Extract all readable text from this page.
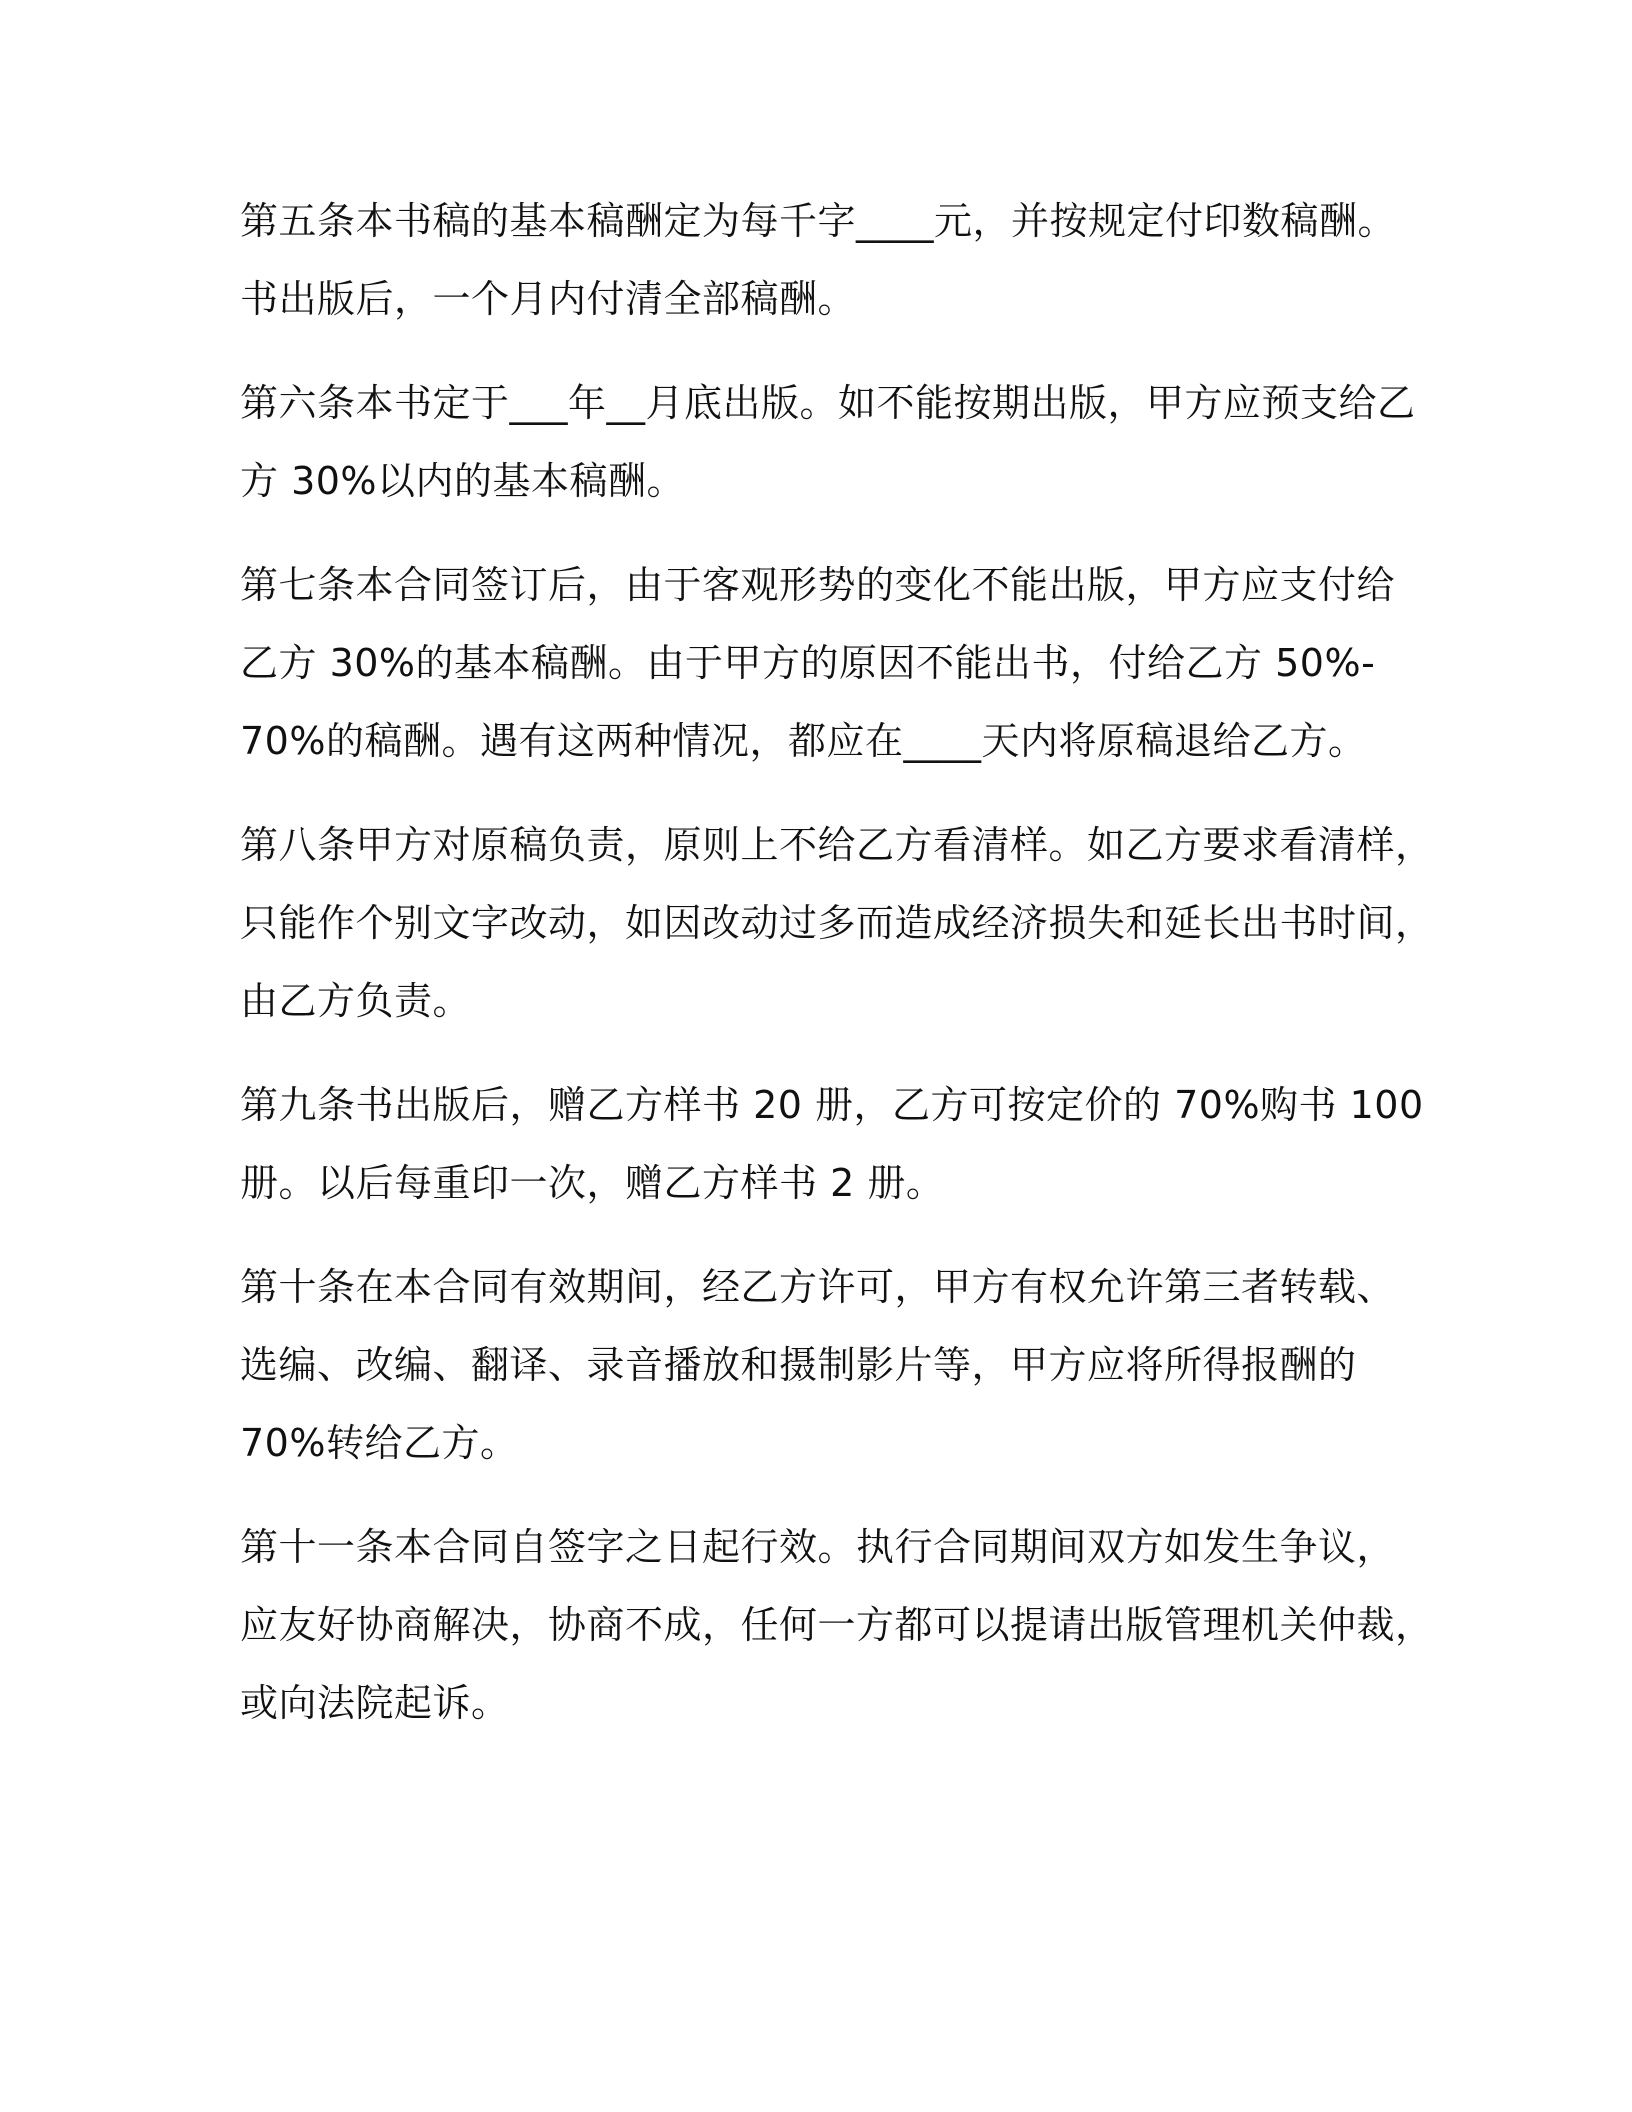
第五条本书稿的基本稿酬定为每千字____元，并按规定付印数稿酬。
书出版后，一个月内付清全部稿酬。
第六条本书定于___年__月底出版。如不能按期出版，甲方应预支给乙
方 30%以内的基本稿酬。
第七条本合同签订后，由于客观形势的变化不能出版，甲方应支付给
乙方 30%的基本稿酬。由于甲方的原因不能出书，付给乙方 50%-
70%的稿酬。遇有这两种情况，都应在____天内将原稿退给乙方。
第八条甲方对原稿负责，原则上不给乙方看清样。如乙方要求看清样，
只能作个别文字改动，如因改动过多而造成经济损失和延长出书时间，
由乙方负责。
第九条书出版后，赠乙方样书 20 册，乙方可按定价的 70%购书 100
册。以后每重印一次，赠乙方样书 2 册。
第十条在本合同有效期间，经乙方许可，甲方有权允许第三者转载、
选编、改编、翻译、录音播放和摄制影片等，甲方应将所得报酬的
70%转给乙方。
第十一条本合同自签字之日起行效。执行合同期间双方如发生争议，
应友好协商解决，协商不成，任何一方都可以提请出版管理机关仲裁，
或向法院起诉。
